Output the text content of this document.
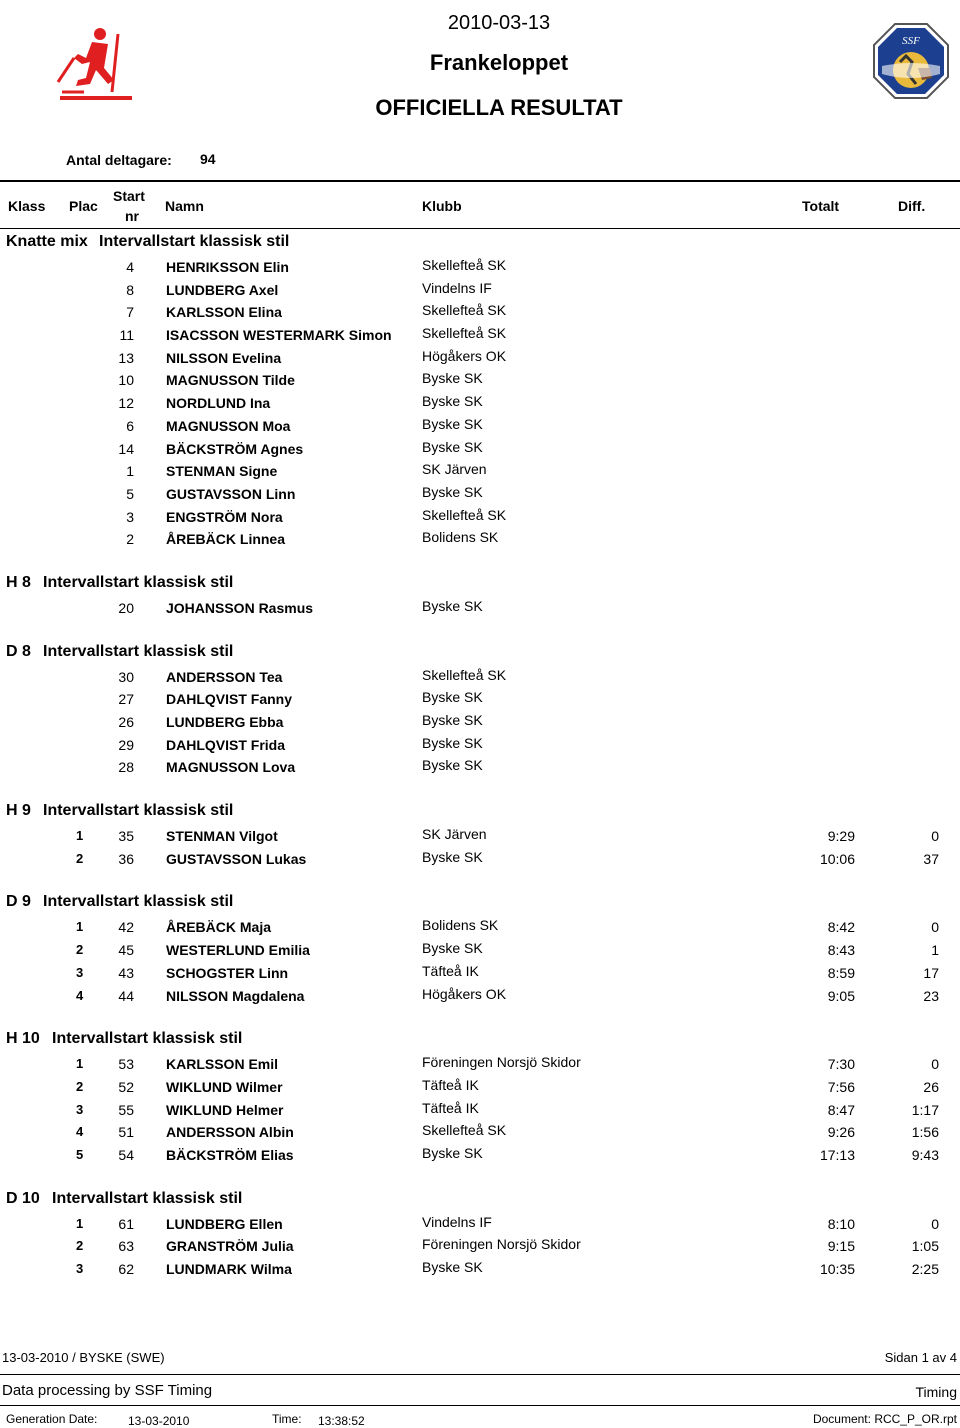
2010-03-13
Frankeloppet
OFFICIELLA RESULTAT
SSF
Antal deltagare: 94
Klass Plac
Start
nr
Namn	Klubb	Totalt	Diff.
Knatte mix Intervallstart klassisk stil
4 HENRIKSSON Elin	Skellefteå SK
8 LUNDBERG Axel	Vindelns IF
7 KARLSSON Elina	Skellefteå SK
11 ISACSSON WESTERMARK Simon Skellefteå SK
13 NILSSON Evelina	Högåkers OK
10 MAGNUSSON Tilde	Byske SK
12 NORDLUND Ina	Byske SK
6 MAGNUSSON Moa	Byske SK
14 BÄCKSTRÖM Agnes	Byske SK
1 STENMAN Signe	SK Järven
5 GUSTAVSSON Linn	Byske SK
3 ENGSTRÖM Nora	Skellefteå SK
2 ÅREBÄCK Linnea	Bolidens SK
H 8 Intervallstart klassisk stil
20 JOHANSSON Rasmus	Byske SK
D 8 Intervallstart klassisk stil
30 ANDERSSON Tea	Skellefteå SK
27 DAHLQVIST Fanny	Byske SK
26 LUNDBERG Ebba	Byske SK
29 DAHLQVIST Frida	Byske SK
28 MAGNUSSON Lova	Byske SK
H 9 Intervallstart klassisk stil
1	35 STENMAN Vilgot	SK Järven	9:29	0
2	36 GUSTAVSSON Lukas	Byske SK	10:06	37
D 9 Intervallstart klassisk stil
1	42 ÅREBÄCK Maja	Bolidens SK	8:42	0
2	45 WESTERLUND Emilia	Byske SK	8:43	1
3	43 SCHOGSTER Linn	Täfteå IK	8:59	17
4	44 NILSSON Magdalena	Högåkers OK	9:05	23
H 10 Intervallstart klassisk stil
1	53 KARLSSON Emil	Föreningen Norsjö Skidor	7:30	0
2	52 WIKLUND Wilmer	Täfteå IK	7:56	26
3	55 WIKLUND Helmer	Täfteå IK	8:47	1:17
4	51 ANDERSSON Albin	Skellefteå SK	9:26	1:56
5	54 BÄCKSTRÖM Elias	Byske SK	17:13	9:43
D 10 Intervallstart klassisk stil
1	61 LUNDBERG Ellen	Vindelns IF	8:10	0
2	63 GRANSTRÖM Julia	Föreningen Norsjö Skidor	9:15	1:05
3	62 LUNDMARK Wilma	Byske SK	10:35	2:25
13-03-2010 / BYSKE (SWE)	Sidan 1 av 4
Data processing by SSF Timing	Timing
Generation Date:	13-03-2010	Time: 13:38:52	Document: RCC_P_OR.rpt
